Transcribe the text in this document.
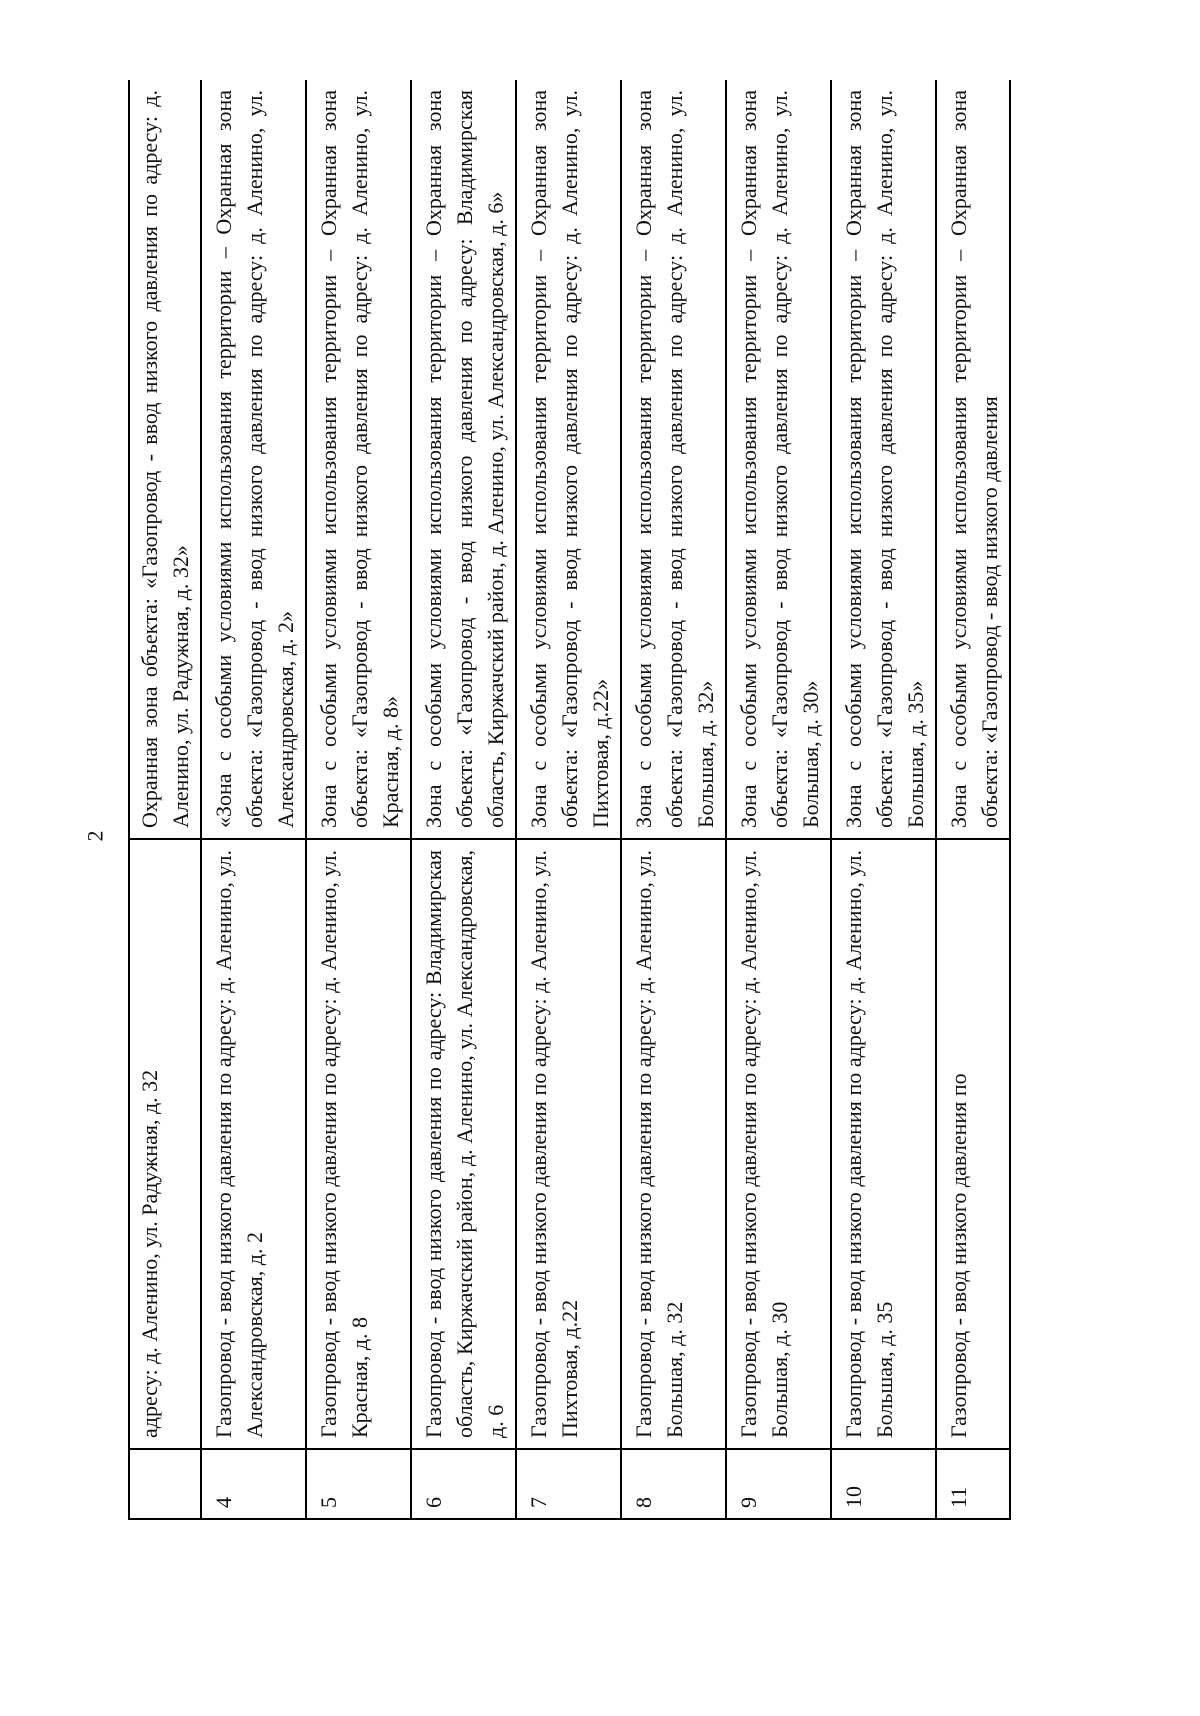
2
	адресу: д. Аленино, ул. Радужная, д. 32	Охранная зона объекта: «Газопровод - ввод низкого давления по адресу: д. Аленино, ул. Радужная, д. 32»
4	Газопровод - ввод низкого давления по адресу: д. Аленино, ул. Александровская, д. 2	«Зона с особыми условиями использования территории – Охранная зона объекта: «Газопровод - ввод низкого давления по адресу: д. Аленино, ул. Александровская, д. 2»
5	Газопровод - ввод низкого давления по адресу: д. Аленино, ул. Красная, д. 8	Зона с особыми условиями использования территории – Охранная зона объекта: «Газопровод - ввод низкого давления по адресу: д. Аленино, ул. Красная, д. 8»
6	Газопровод - ввод низкого давления по адресу: Владимирская область, Киржачский район, д. Аленино, ул. Александровская, д. 6	Зона с особыми условиями использования территории – Охранная зона объекта: «Газопровод - ввод низкого давления по адресу: Владимирская область, Киржачский район, д. Аленино, ул. Александровская, д. 6»
7	Газопровод - ввод низкого давления по адресу: д. Аленино, ул. Пихтовая, д.22	Зона с особыми условиями использования территории – Охранная зона объекта: «Газопровод - ввод низкого давления по адресу: д. Аленино, ул. Пихтовая, д.22»
8	Газопровод - ввод низкого давления по адресу: д. Аленино, ул. Большая, д. 32	Зона с особыми условиями использования территории – Охранная зона объекта: «Газопровод - ввод низкого давления по адресу: д. Аленино, ул. Большая, д. 32»
9	Газопровод - ввод низкого давления по адресу: д. Аленино, ул. Большая, д. 30	Зона с особыми условиями использования территории – Охранная зона объекта: «Газопровод - ввод низкого давления по адресу: д. Аленино, ул. Большая, д. 30»
10	Газопровод - ввод низкого давления по адресу: д. Аленино, ул. Большая, д. 35	Зона с особыми условиями использования территории – Охранная зона объекта: «Газопровод - ввод низкого давления по адресу: д. Аленино, ул. Большая, д. 35»
11	Газопровод - ввод низкого давления по	Зона с особыми условиями использования территории – Охранная зона объекта: «Газопровод - ввод низкого давления
